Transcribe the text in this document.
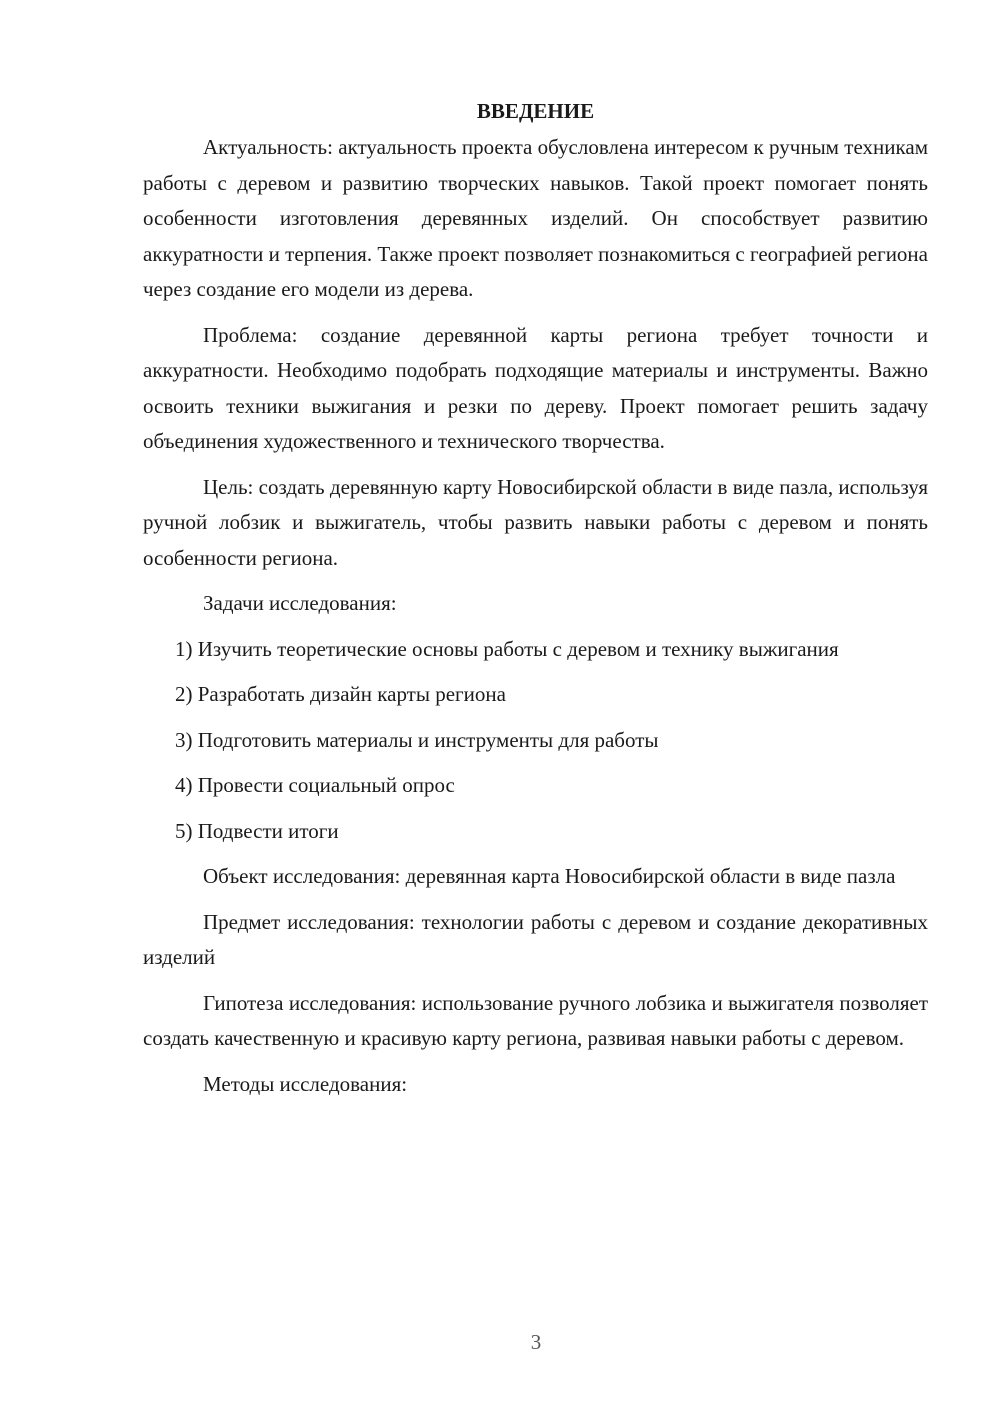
ВВЕДЕНИЕ

Актуальность: актуальность проекта обусловлена интересом к ручным техникам работы с деревом и развитию творческих навыков. Такой проект помогает понять особенности изготовления деревянных изделий. Он способствует развитию аккуратности и терпения. Также проект позволяет познакомиться с географией региона через создание его модели из дерева.

Проблема: создание деревянной карты региона требует точности и аккуратности. Необходимо подобрать подходящие материалы и инструменты. Важно освоить техники выжигания и резки по дереву. Проект помогает решить задачу объединения художественного и технического творчества.

Цель: создать деревянную карту Новосибирской области в виде пазла, используя ручной лобзик и выжигатель, чтобы развить навыки работы с деревом и понять особенности региона.

Задачи исследования:

1) Изучить теоретические основы работы с деревом и технику выжигания

2) Разработать дизайн карты региона

3) Подготовить материалы и инструменты для работы

4) Провести социальный опрос

5) Подвести итоги

Объект исследования: деревянная карта Новосибирской области в виде пазла

Предмет исследования: технологии работы с деревом и создание декоративных изделий

Гипотеза исследования: использование ручного лобзика и выжигателя позволяет создать качественную и красивую карту региона, развивая навыки работы с деревом.

Методы исследования:

3
